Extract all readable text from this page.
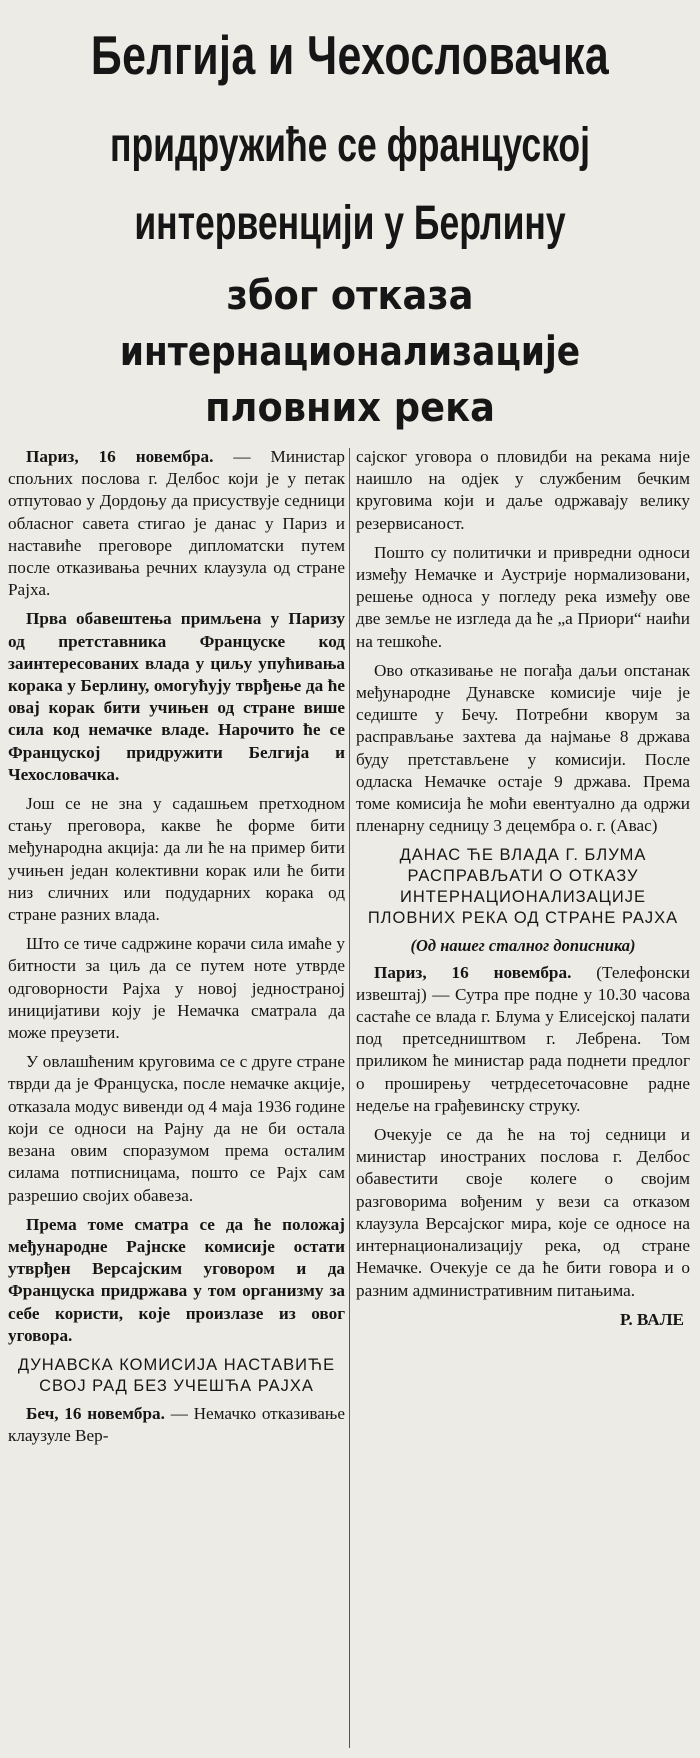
Белгија и Чехословачка
придружиће се француској
интервенцији у Берлину
због отказа
интернационализације
пловних река

Париз, 16 новембра. — Министар спољних послова г. Делбос који је у петак отпутовао у Дордоњу да присуствује седници обласног савета стигао је данас у Париз и наставиће преговоре дипломатски путем после отказивања речних клаузула од стране Рајха.

Прва обавештења примљена у Паризу од претставника Француске код заинтересованих влада у циљу упућивања корака у Берлину, омогућују тврђење да ће овај корак бити учињен од стране више сила код немачке владе. Нарочито ће се Француској придружити Белгија и Чехословачка.

Још се не зна у садашњем претходном стању преговора, какве ће форме бити међународна акција: да ли ће на пример бити учињен један колективни корак или ће бити низ сличних или подударних корака од стране разних влада.

Што се тиче садржине корачи сила имаће у битности за циљ да се путем ноте утврде одговорности Рајха у новој једностраној иницијативи коју је Немачка сматрала да може преузети.

У овлашћеним круговима се с друге стране тврди да је Француска, после немачке акције, отказала модус вивенди од 4 маја 1936 године који се односи на Рајну да не би остала везана овим споразумом према осталим силама потписницама, пошто се Рајх сам разрешио својих обавеза.

Према томе сматра се да ће положај међународне Рајнске комисије остати утврђен Версајским уговором и да Француска придржава у том организму за себе користи, које произлазе из овог уговора.

ДУНАВСКА КОМИСИЈА НАСТАВИЋЕ СВОЈ РАД БЕЗ УЧЕШЋА РАЈХА

Беч, 16 новембра. — Немачко отказивање клаузуле Вер-

сајског уговора о пловидби на рекама није наишло на одјек у службеним бечким круговима који и даље одржавају велику резервисаност.

Пошто су политички и привредни односи између Немачке и Аустрије нормализовани, решење односа у погледу река између ове две земље не изгледа да ће „а Приори“ наићи на тешкоће.

Ово отказивање не погађа даљи опстанак међународне Дунавске комисије чије је седиште у Бечу. Потребни кворум за расправљање захтева да најмање 8 држава буду претстављене у комисији. После одласка Немачке остаје 9 држава. Према томе комисија ће моћи евентуално да одржи пленарну седницу 3 децембра о. г. (Авас)

ДАНАС ЋЕ ВЛАДА Г. БЛУМА РАСПРАВЉАТИ О ОТКАЗУ ИНТЕРНАЦИОНАЛИЗАЦИЈЕ ПЛОВНИХ РЕКА ОД СТРАНЕ РАЈХА
(Од нашег сталног дописника)

Париз, 16 новембра. (Телефонски извештај) — Сутра пре подне у 10.30 часова састаће се влада г. Блума у Елисејској палати под претседништвом г. Лебрена. Том приликом ће министар рада поднети предлог о проширењу четрдесеточасовне радне недеље на грађевинску струку.

Очекује се да ће на тој седници и министар иностраних послова г. Делбос обавестити своје колеге о својим разговорима вођеним у вези са отказом клаузула Версајског мира, које се односе на интернационализацију река, од стране Немачке. Очекује се да ће бити говора и о разним административним питањима.

Р. ВАЛЕ
